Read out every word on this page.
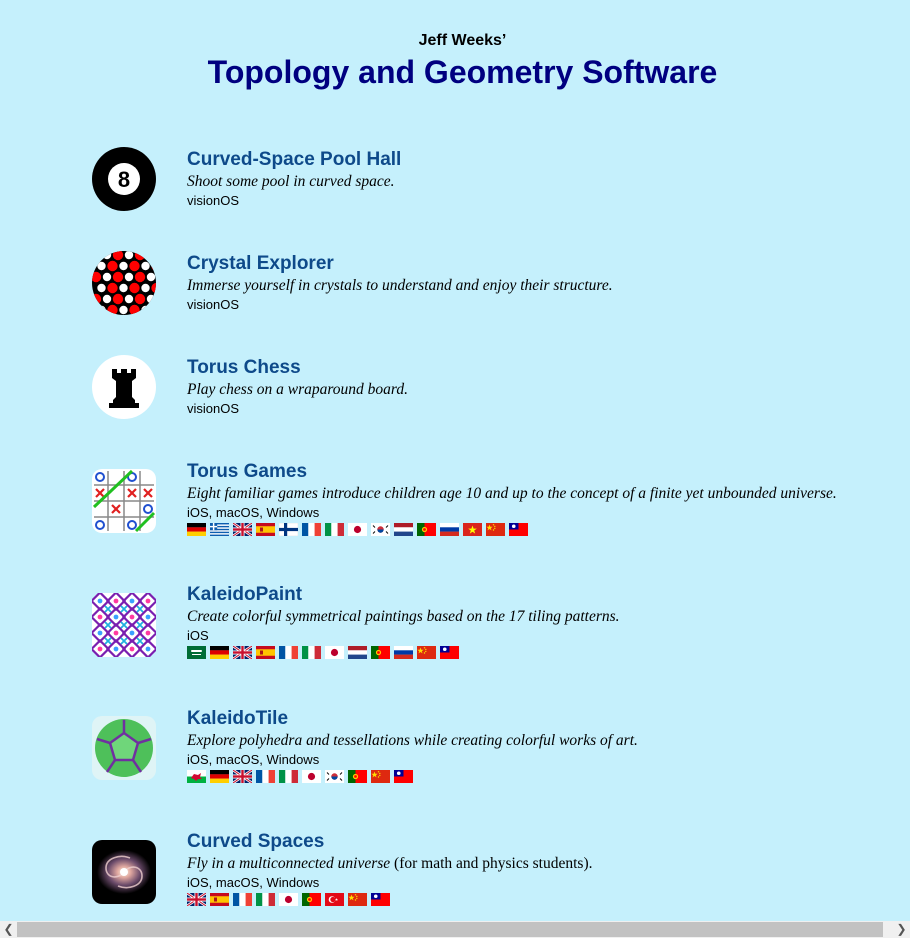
Jeff Weeks’
Topology and Geometry Software
8
Curved-Space Pool Hall
Shoot some pool in curved space.
visionOS
Crystal Explorer
Immerse yourself in crystals to understand and enjoy their structure.
visionOS
Torus Chess
Play chess on a wraparound board.
visionOS
Torus Games
Eight familiar games introduce children age 10 and up to the concept of a finite yet unbounded universe.
iOS, macOS, Windows
KaleidoPaint
Create colorful symmetrical paintings based on the 17 tiling patterns.
iOS
KaleidoTile
Explore polyhedra and tessellations while creating colorful works of art.
iOS, macOS, Windows
Curved Spaces
Fly in a multiconnected universe (for math and physics students).
iOS, macOS, Windows
❮	❯
